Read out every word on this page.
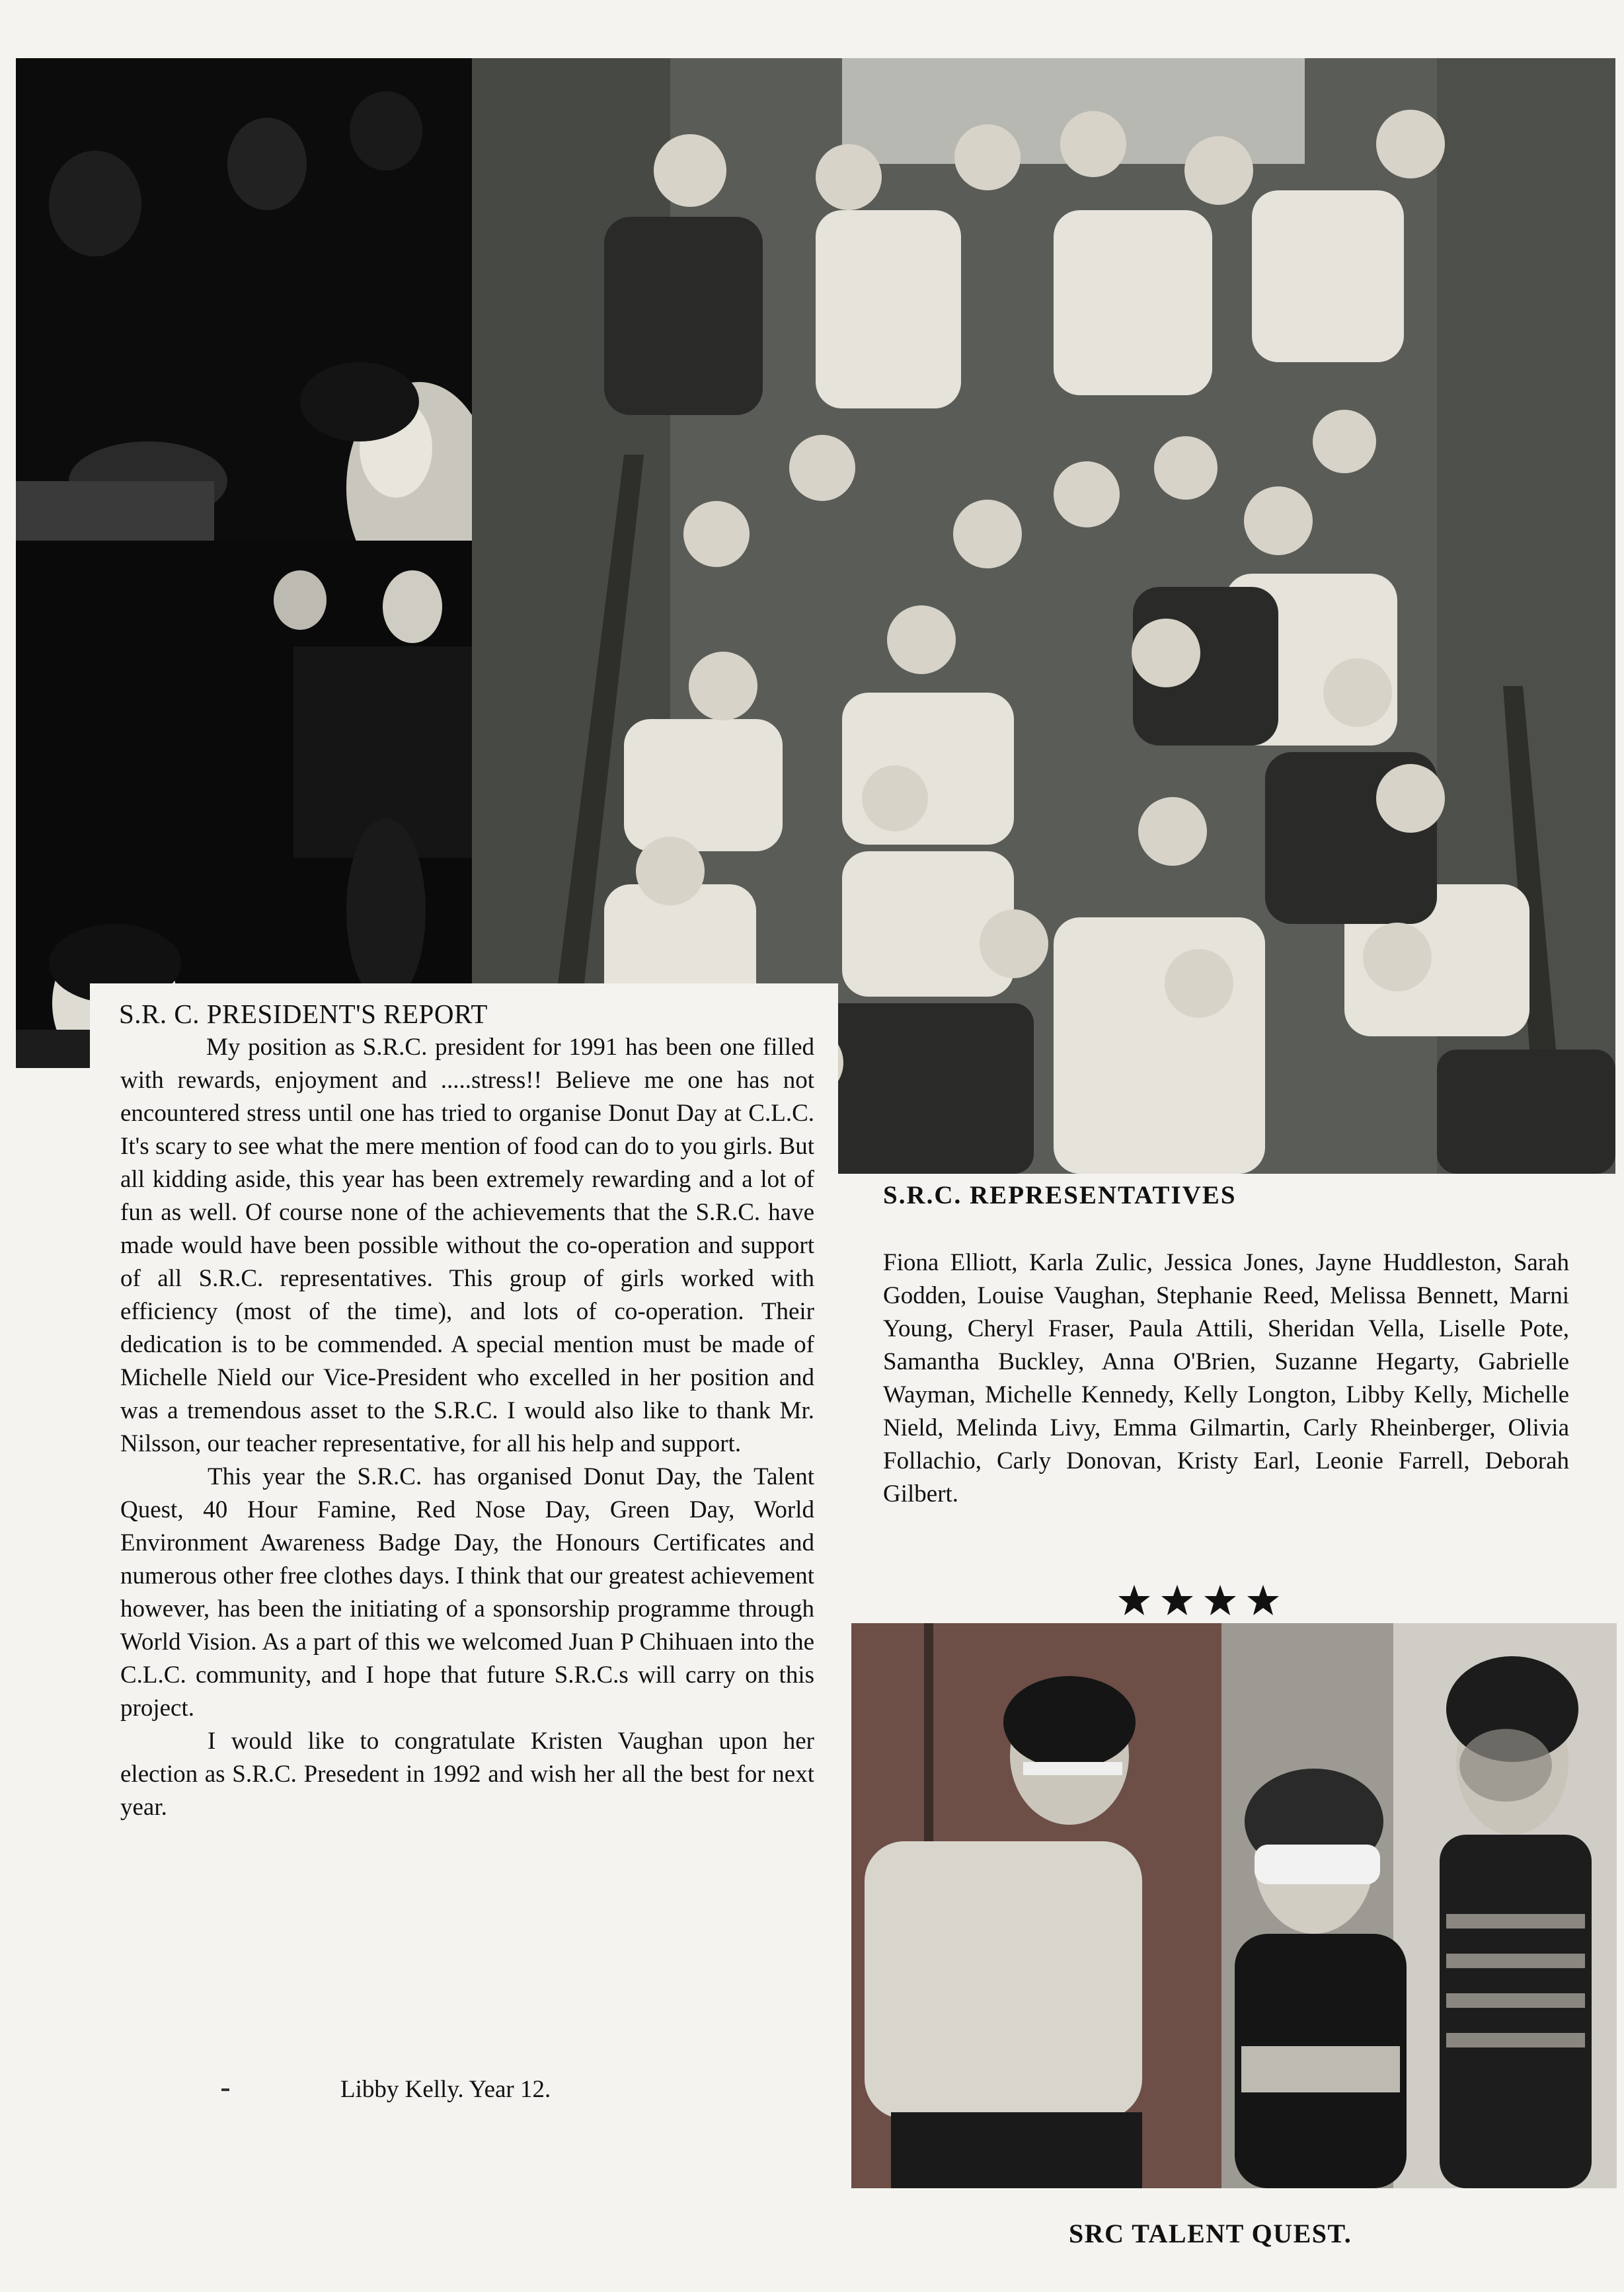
S.R. C. PRESIDENT'S REPORT

My position as S.R.C. president for 1991 has been one filled with rewards, enjoyment and .....stress!! Believe me one has not encountered stress until one has tried to organise Donut Day at C.L.C. It's scary to see what the mere mention of food can do to you girls. But all kidding aside, this year has been extremely rewarding and a lot of fun as well. Of course none of the achievements that the S.R.C. have made would have been possible without the co-operation and support of all S.R.C. representatives. This group of girls worked with efficiency (most of the time), and lots of co-operation. Their dedication is to be commended. A special mention must be made of Michelle Nield our Vice-President who excelled in her position and was a tremendous asset to the S.R.C. I would also like to thank Mr. Nilsson, our teacher representative, for all his help and support.

This year the S.R.C. has organised Donut Day, the Talent Quest, 40 Hour Famine, Red Nose Day, Green Day, World Environment Awareness Badge Day, the Honours Certificates and numerous other free clothes days. I think that our greatest achievement however, has been the initiating of a sponsorship programme through World Vision. As a part of this we welcomed Juan P Chihuaen into the C.L.C. community, and I hope that future S.R.C.s will carry on this project.

I would like to congratulate Kristen Vaughan upon her election as S.R.C. Presedent in 1992 and wish her all the best for next year.

Libby Kelly. Year 12.
S.R.C. REPRESENTATIVES
Fiona Elliott, Karla Zulic, Jessica Jones, Jayne Huddleston, Sarah Godden, Louise Vaughan, Stephanie Reed, Melissa Bennett, Marni Young, Cheryl Fraser, Paula Attili, Sheridan Vella, Liselle Pote, Samantha Buckley, Anna O'Brien, Suzanne Hegarty, Gabrielle Wayman, Michelle Kennedy, Kelly Longton, Libby Kelly, Michelle Nield, Melinda Livy, Emma Gilmartin, Carly Rheinberger, Olivia Follachio, Carly Donovan, Kristy Earl, Leonie Farrell, Deborah Gilbert.
SRC TALENT QUEST.
